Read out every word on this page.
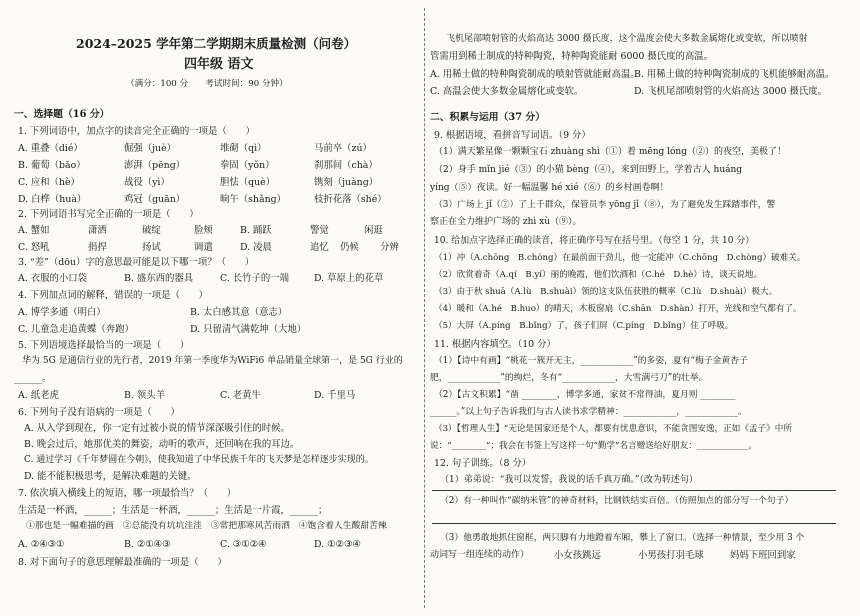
2024–2025 学年第二学期期末质量检测（问卷）
四年级 语文
（满分：100 分　　考试时间：90 分钟）
一、选择题（16 分）
1. 下列词语中，加点字的读音完全正确的一项是（　　）
A. 重叠（dié）	倔强（juè）	堆砌（qì）	马前卒（zú）
B. 葡萄（bāo）	澎湃（pēng）	拳固（yǒn）	刹那间（chà）
C. 应和（hè）	战役（yì）	胆怯（què）	镌刻（juàng）
D. 白桦（huà）	鸡冠（guān）	晌午（shǎng）	枝折花落（shé）
2. 下列词语书写完全正确的一项是（　　）
A. 蟹如	潇洒	破绽	脸颊	B. 踊跃	警觉	闲逛
C. 怒吼	捐捍	扬试	调遣	D. 凌晨	追忆 仍候 分辨
3. “差”（dōu）字的意思最可能是以下哪一项？（　　）
A. 衣服的小口袋	B. 盛东西的器具	C. 长竹子的一端	D. 草原上的花草
4. 下列加点词的解释，错误的一项是（　　）
A. 博学多通（明白）	B. 太白感其意（意志）
C. 儿童急走追黄蝶（奔跑）	D. 只留清气满乾坤（大地）
5. 下列语境选择最恰当的一项是（　　）
华为 5G 是通信行业的先行者，2019 年第一季度华为WiFi6 单品销量全球第一，是 5G 行业的
______。
A. 纸老虎	B. 领头羊	C. 老黄牛	D. 千里马
6. 下列句子没有语病的一项是（　　）
A. 从入学到现在，你一定有过被小说的情节深深吸引住的时候。
B. 晚会过后，她那优美的舞姿，动听的歌声，还回响在我的耳边。
C. 通过学习《千年梦圆在今朝》，使我知道了中华民族千年的飞天梦是怎样逐步实现的。
D. 能不能积极思考，是解决难题的关键。
7. 依次填入横线上的短语，哪一项最恰当？（　　）
生活是一杯酒，______；生活是一杯酒，______；生活是一片霞，______；
①那也是一幅难描的画　②总能没有坑坑洼洼　③常把那寒风苦雨洒　④饱含着人生酸甜苦辣
A. ②④③①	B. ②①④③	C. ③①②④	D. ①②③④
8. 对下面句子的意思理解最准确的一项是（　　）
飞机尾部喷射管的火焰高达 3000 摄氏度，这个温度会使大多数金属熔化或变软，所以喷射
管需用到稀土制成的特种陶瓷，特种陶瓷能耐 6000 摄氏度的高温。
A. 用稀土做的特种陶瓷制成的喷射管就能耐高温。
B. 用稀土做的特种陶瓷制成的飞机能够耐高温。
C. 高温会使大多数金属熔化或变软。	D. 飞机尾部喷射管的火焰高达 3000 摄氏度。
二、积累与运用（37 分）
9. 根据语境，看拼音写词语。（9 分）
（1）满天繁星像一颗颗宝石 zhuàng shì（①）着 mēng lóng（②）的夜空，美极了！
（2）身手 mǐn jié（③）的小猫 bèng（④），来到田野上，学着古人 huáng
yíng（⑤）夜读。好一幅温馨 hé xié（⑥）的乡村画卷啊！
（3）广场上 jǐ（⑦）了上千群众，保管员李 yōng jǐ（⑧），为了避免发生踩踏事件，警
察正在全力维护广场的 zhì xù（⑨）。
10. 给加点字选择正确的读音，将正确序号写在括号里。（每空 1 分，共 10 分）
（1）冲（A.chōng　B.chòng）在最前面干劲儿，他一定能冲（C.chōng　D.chòng）破难关。
（2）欣赏着奇（A.qí　B.yí）丽的晚霞，他们饮酒和（C.hé　D.hè）诗，谈天说地。
（3）由于秋 shuā（A.lù　B.shuài）领的这支队伍获胜的概率（C.lù　D.shuài）极大。
（4）暖和（A.hé　B.huo）的晴天，木板窗扇（C.shān　D.shàn）打开，光线和空气都有了。
（5）大屏（A.píng　B.bǐng）了，孩子们屏（C.píng　D.bǐng）住了呼吸。
11. 根据内容填空。（10 分）
（1）【诗中有画】“桃花一簇开无主，____________”的多姿，夏有“梅子金黄杏子
肥，____________”的绚烂，冬有“____________，大雪满弓刀”的壮举。
（2）【古文积累】“凿 ________，博学多通，家贫不常得油，夏月则 ________
______。”以上句子告诉我们与古人读书求学精神：____________，____________。
（3）【哲理人生】“无论是国家还是个人，都要有忧患意识，不能贪图安逸，正如《孟子》中所
说：“________”；我会在书签上写这样一句“勤学”名言赠送给好朋友：____________。
12. 句子训练。（8 分）
（1）弟弟说：“我可以发誓，我说的话千真万确。”（改为转述句）
（2）有一种叫作“碳纳米管”的神奇材料，比钢铁结实百倍。（仿照加点的部分写一个句子）
（3）他勇敢地抓住窗框，两只脚有力地蹬着车厢，攀上了窗口。（选择一种情景，至少用 3 个
动词写一组连续的动作）	小女孩跳远	小男孩打羽毛球	妈妈下班回到家
